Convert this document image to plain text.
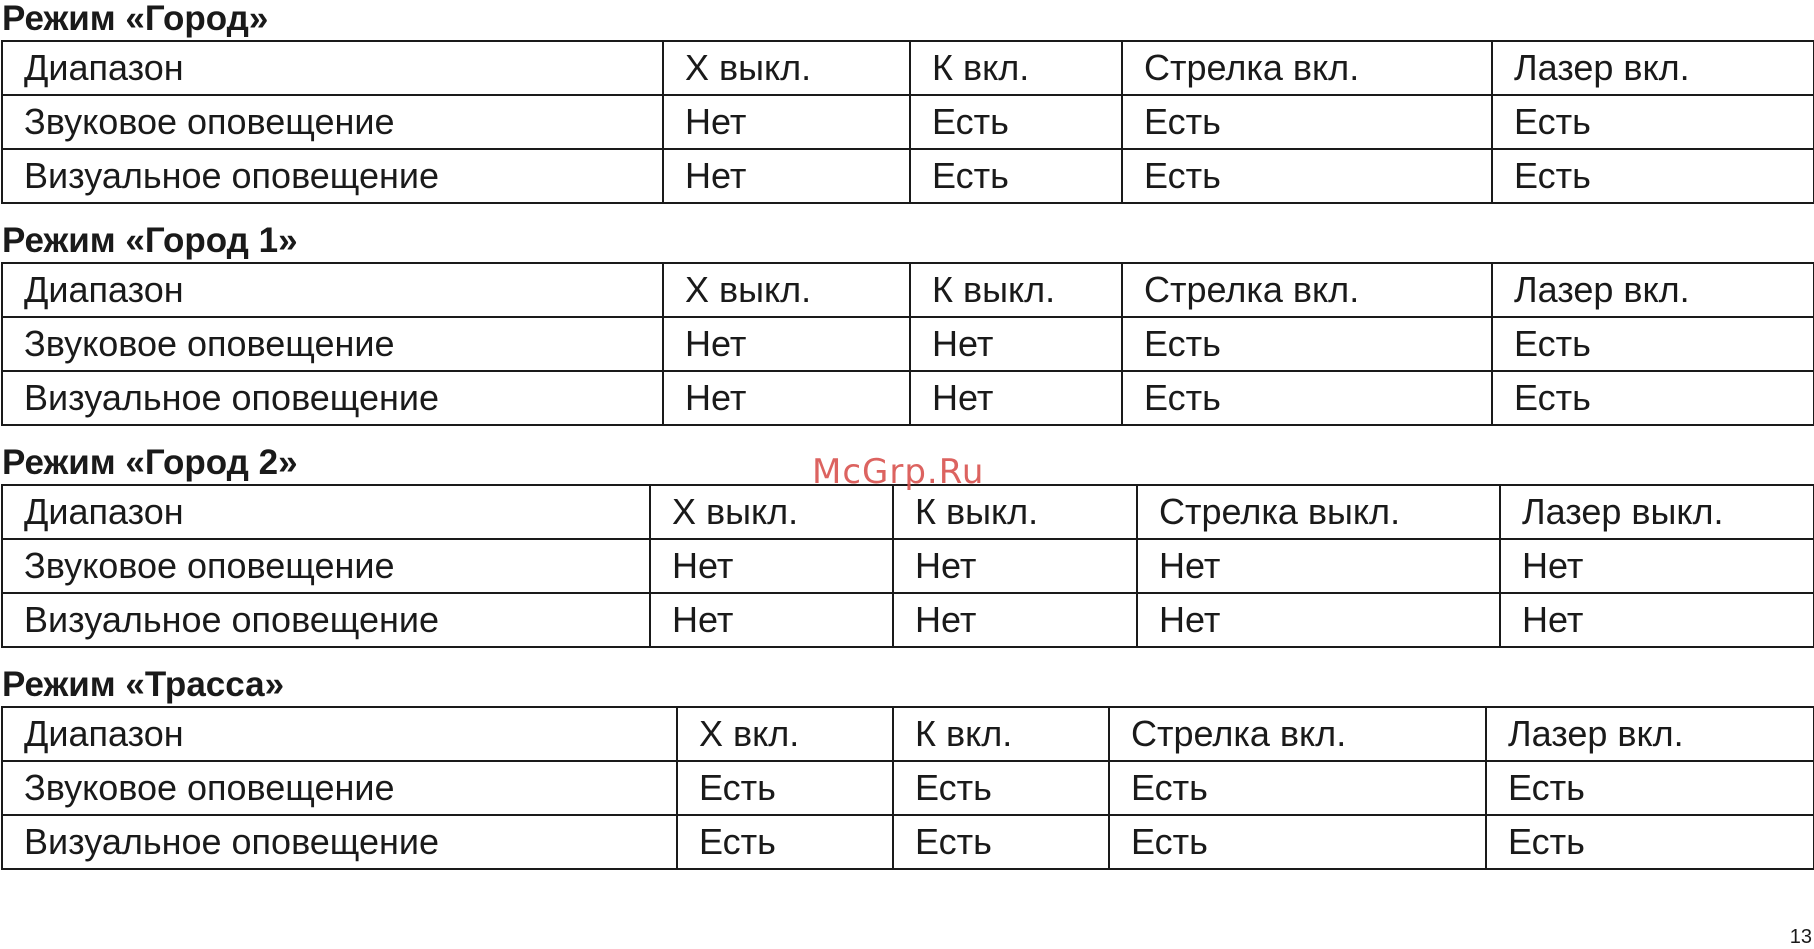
Режим «Город»
Диапазон	X выкл.	К вкл.	Стрелка вкл.	Лазер вкл.
Звуковое оповещение	Нет	Есть	Есть	Есть
Визуальное оповещение	Нет	Есть	Есть	Есть
Режим «Город 1»
Диапазон	X выкл.	К выкл.	Стрелка вкл.	Лазер вкл.
Звуковое оповещение	Нет	Нет	Есть	Есть
Визуальное оповещение	Нет	Нет	Есть	Есть
Режим «Город 2»
Диапазон	X выкл.	К выкл.	Стрелка выкл.	Лазер выкл.
Звуковое оповещение	Нет	Нет	Нет	Нет
Визуальное оповещение	Нет	Нет	Нет	Нет
Режим «Трасса»
Диапазон	X вкл.	К вкл.	Стрелка вкл.	Лазер вкл.
Звуковое оповещение	Есть	Есть	Есть	Есть
Визуальное оповещение	Есть	Есть	Есть	Есть
McGrp.Ru
13
